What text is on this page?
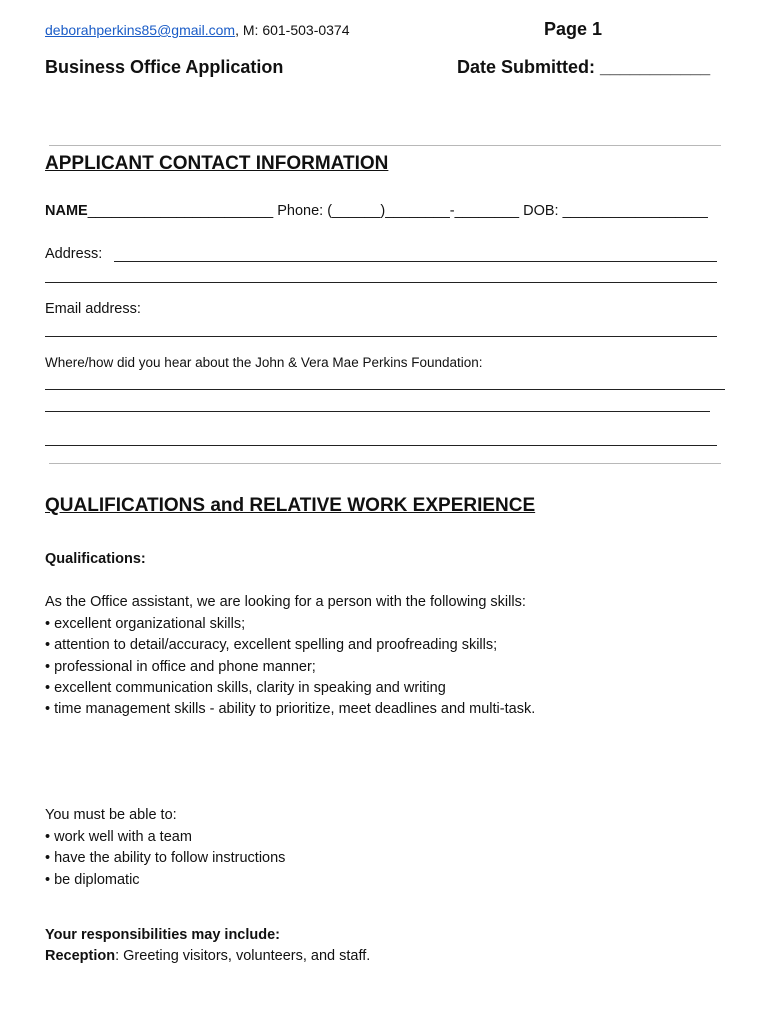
deborahperkins85@gmail.com, M: 601-503-0374	Page 1
Business Office Application	Date Submitted: ___________
APPLICANT CONTACT INFORMATION
NAME_______________________ Phone: (______)________-________ DOB: __________________
Address:
Email address:
Where/how did you hear about the John & Vera Mae Perkins Foundation:
QUALIFICATIONS and RELATIVE WORK EXPERIENCE
Qualifications:
As the Office assistant, we are looking for a person with the following skills:
• excellent organizational skills;
• attention to detail/accuracy, excellent spelling and proofreading skills;
• professional in office and phone manner;
• excellent communication skills, clarity in speaking and writing
• time management skills - ability to prioritize, meet deadlines and multi-task.
You must be able to:
• work well with a team
• have the ability to follow instructions
• be diplomatic
Your responsibilities may include:
Reception: Greeting visitors, volunteers, and staff.
